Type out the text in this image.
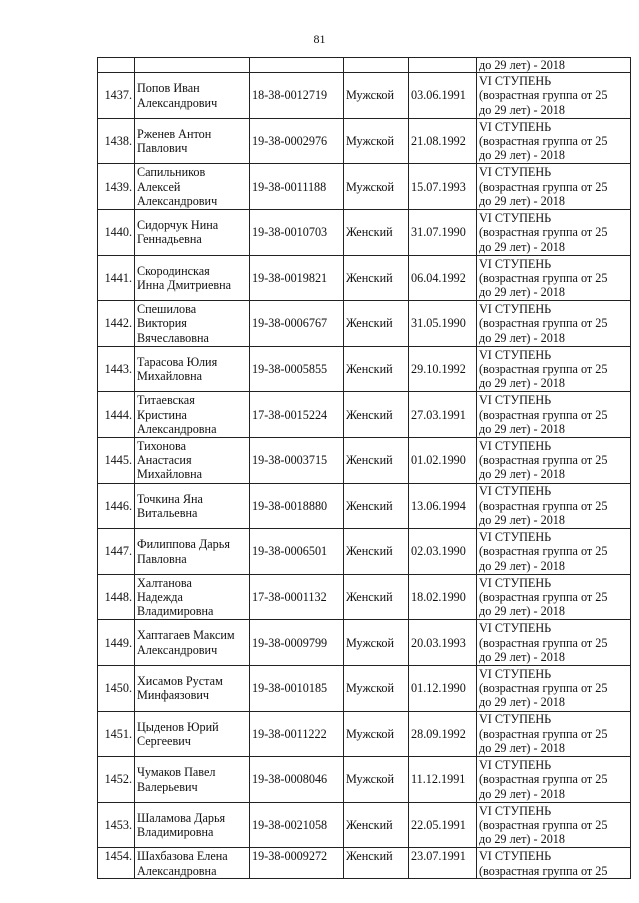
81
					до 29 лет) - 2018
1437.	Попов Иван
Александрович	18-38-0012719	Мужской	03.06.1991	VI СТУПЕНЬ
(возрастная группа от 25
до 29 лет) - 2018

1438.	Рженев Антон
Павлович	19-38-0002976	Мужской	21.08.1992	VI СТУПЕНЬ
(возрастная группа от 25
до 29 лет) - 2018

1439.	Сапильников
Алексей
Александрович	19-38-0011188	Мужской	15.07.1993	VI СТУПЕНЬ
(возрастная группа от 25
до 29 лет) - 2018

1440.	Сидорчук Нина
Геннадьевна	19-38-0010703	Женский	31.07.1990	VI СТУПЕНЬ
(возрастная группа от 25
до 29 лет) - 2018

1441.	Скородинская
Инна Дмитриевна	19-38-0019821	Женский	06.04.1992	VI СТУПЕНЬ
(возрастная группа от 25
до 29 лет) - 2018

1442.	Спешилова
Виктория
Вячеславовна	19-38-0006767	Женский	31.05.1990	VI СТУПЕНЬ
(возрастная группа от 25
до 29 лет) - 2018

1443.	Тарасова Юлия
Михайловна	19-38-0005855	Женский	29.10.1992	VI СТУПЕНЬ
(возрастная группа от 25
до 29 лет) - 2018

1444.	Титаевская
Кристина
Александровна	17-38-0015224	Женский	27.03.1991	VI СТУПЕНЬ
(возрастная группа от 25
до 29 лет) - 2018

1445.	Тихонова
Анастасия
Михайловна	19-38-0003715	Женский	01.02.1990	VI СТУПЕНЬ
(возрастная группа от 25
до 29 лет) - 2018

1446.	Точкина Яна
Витальевна	19-38-0018880	Женский	13.06.1994	VI СТУПЕНЬ
(возрастная группа от 25
до 29 лет) - 2018

1447.	Филиппова Дарья
Павловна	19-38-0006501	Женский	02.03.1990	VI СТУПЕНЬ
(возрастная группа от 25
до 29 лет) - 2018

1448.	Халтанова
Надежда
Владимировна	17-38-0001132	Женский	18.02.1990	VI СТУПЕНЬ
(возрастная группа от 25
до 29 лет) - 2018

1449.	Хаптагаев Максим
Александрович	19-38-0009799	Мужской	20.03.1993	VI СТУПЕНЬ
(возрастная группа от 25
до 29 лет) - 2018

1450.	Хисамов Рустам
Минфаязович	19-38-0010185	Мужской	01.12.1990	VI СТУПЕНЬ
(возрастная группа от 25
до 29 лет) - 2018

1451.	Цыденов Юрий
Сергеевич	19-38-0011222	Мужской	28.09.1992	VI СТУПЕНЬ
(возрастная группа от 25
до 29 лет) - 2018

1452.	Чумаков Павел
Валерьевич	19-38-0008046	Мужской	11.12.1991	VI СТУПЕНЬ
(возрастная группа от 25
до 29 лет) - 2018

1453.	Шаламова Дарья
Владимировна	19-38-0021058	Женский	22.05.1991	VI СТУПЕНЬ
(возрастная группа от 25
до 29 лет) - 2018

1454.	Шахбазова Елена
Александровна	19-38-0009272	Женский	23.07.1991	VI СТУПЕНЬ
(возрастная группа от 25
